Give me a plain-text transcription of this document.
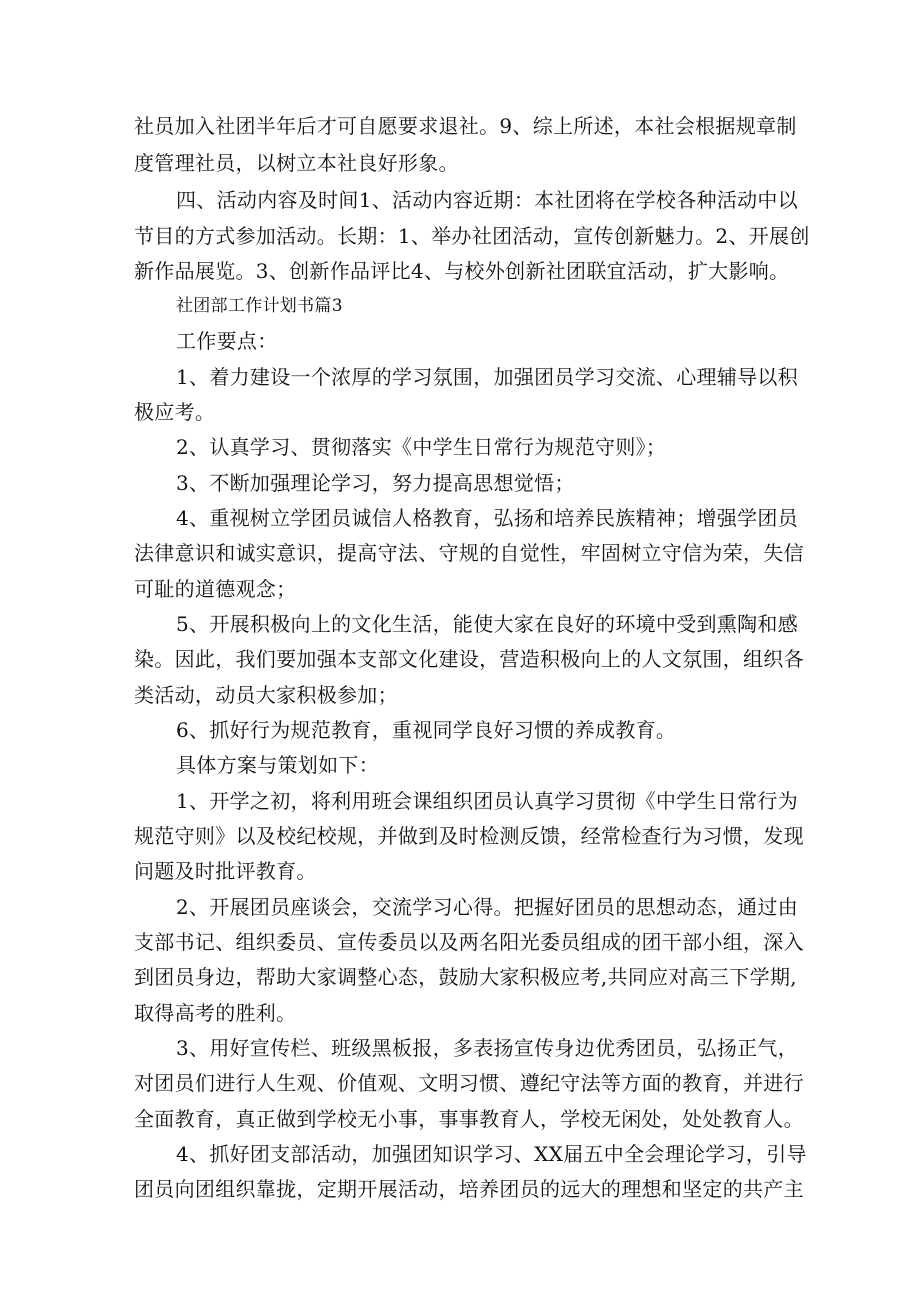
社员加入社团半年后才可自愿要求退社。9、综上所述，本社会根据规章制
度管理社员，以树立本社良好形象。
四、活动内容及时间1、活动内容近期：本社团将在学校各种活动中以
节目的方式参加活动。长期：1、举办社团活动，宣传创新魅力。2、开展创
新作品展览。3、创新作品评比4、与校外创新社团联宜活动，扩大影响。
社团部工作计划书篇3
工作要点：
1、着力建设一个浓厚的学习氛围，加强团员学习交流、心理辅导以积
极应考。
2、认真学习、贯彻落实《中学生日常行为规范守则》；
3、不断加强理论学习，努力提高思想觉悟；
4、重视树立学团员诚信人格教育，弘扬和培养民族精神；增强学团员
法律意识和诚实意识，提高守法、守规的自觉性，牢固树立守信为荣，失信
可耻的道德观念；
5、开展积极向上的文化生活，能使大家在良好的环境中受到熏陶和感
染。因此，我们要加强本支部文化建设，营造积极向上的人文氛围，组织各
类活动，动员大家积极参加；
6、抓好行为规范教育，重视同学良好习惯的养成教育。
具体方案与策划如下：
1、开学之初，将利用班会课组织团员认真学习贯彻《中学生日常行为
规范守则》以及校纪校规，并做到及时检测反馈，经常检查行为习惯，发现
问题及时批评教育。
2、开展团员座谈会，交流学习心得。把握好团员的思想动态，通过由
支部书记、组织委员、宣传委员以及两名阳光委员组成的团干部小组，深入
到团员身边，帮助大家调整心态，鼓励大家积极应考,共同应对高三下学期,
取得高考的胜利。
3、用好宣传栏、班级黑板报，多表扬宣传身边优秀团员，弘扬正气，
对团员们进行人生观、价值观、文明习惯、遵纪守法等方面的教育，并进行
全面教育，真正做到学校无小事，事事教育人，学校无闲处，处处教育人。
4、抓好团支部活动，加强团知识学习、XX届五中全会理论学习，引导
团员向团组织靠拢，定期开展活动，培养团员的远大的理想和坚定的共产主
